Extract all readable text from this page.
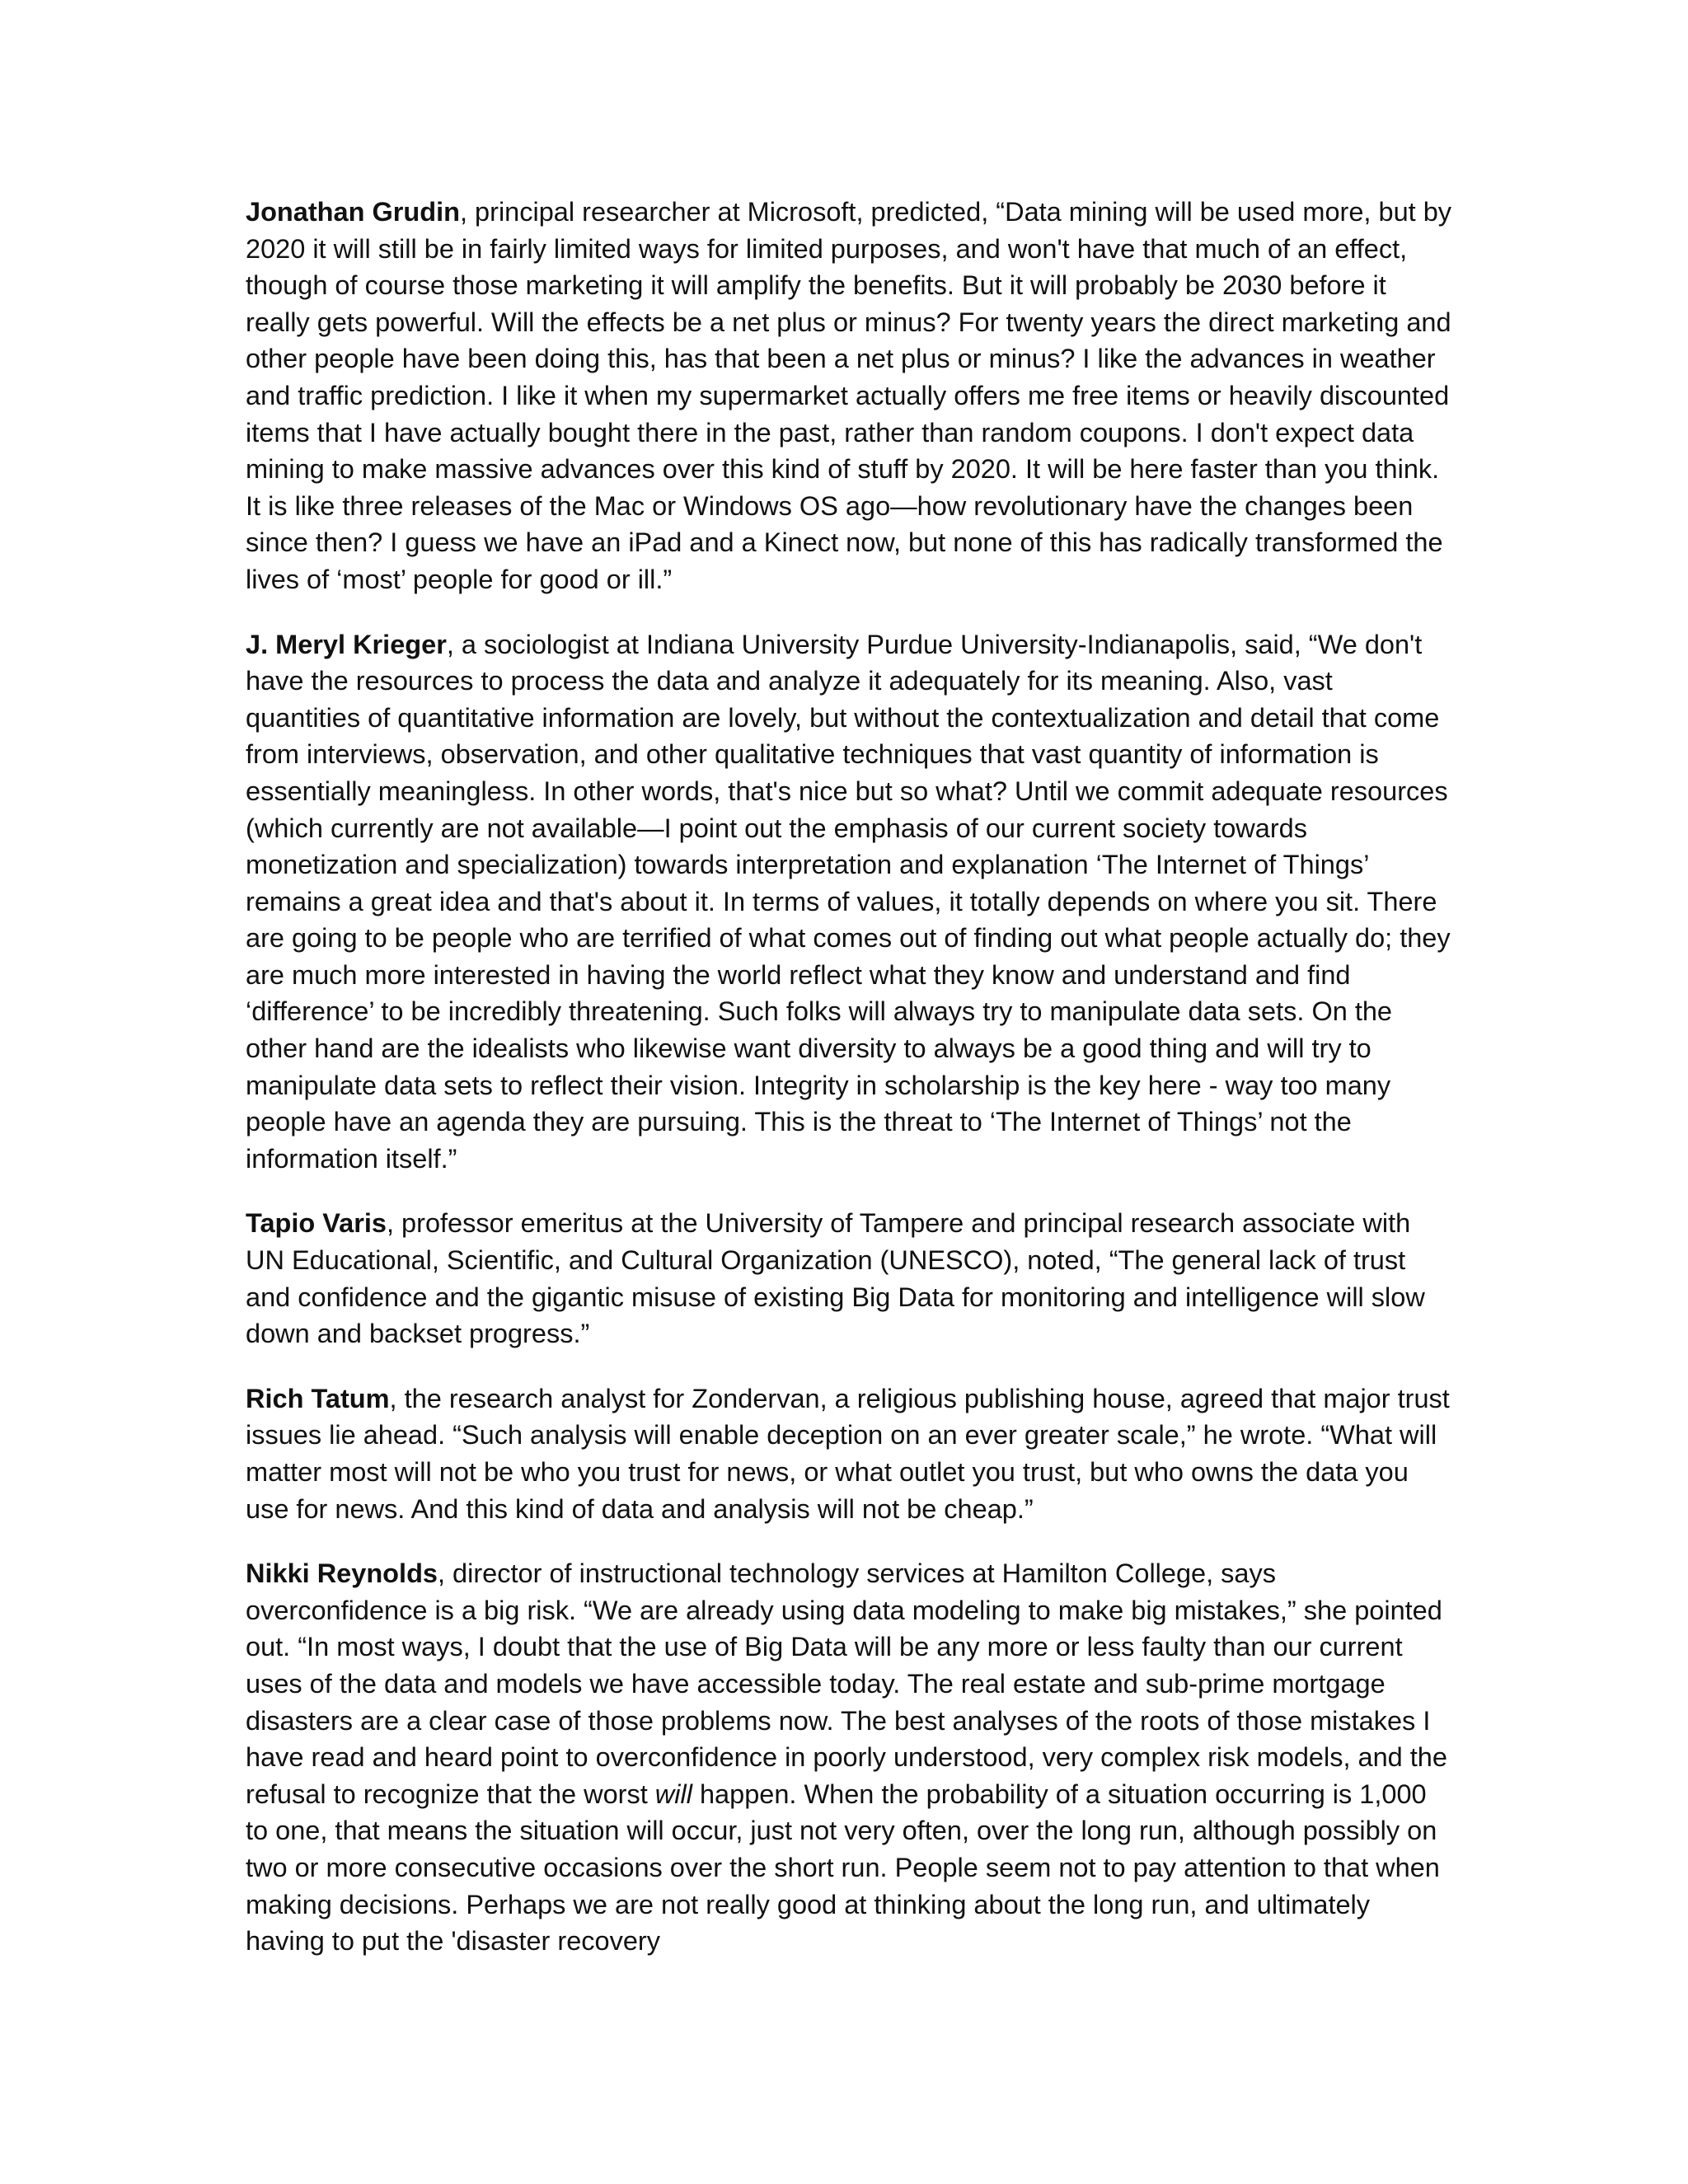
Jonathan Grudin, principal researcher at Microsoft, predicted, “Data mining will be used more, but by 2020 it will still be in fairly limited ways for limited purposes, and won't have that much of an effect, though of course those marketing it will amplify the benefits. But it will probably be 2030 before it really gets powerful. Will the effects be a net plus or minus? For twenty years the direct marketing and other people have been doing this, has that been a net plus or minus? I like the advances in weather and traffic prediction. I like it when my supermarket actually offers me free items or heavily discounted items that I have actually bought there in the past, rather than random coupons. I don't expect data mining to make massive advances over this kind of stuff by 2020. It will be here faster than you think. It is like three releases of the Mac or Windows OS ago—how revolutionary have the changes been since then? I guess we have an iPad and a Kinect now, but none of this has radically transformed the lives of ‘most’ people for good or ill.”

J. Meryl Krieger, a sociologist at Indiana University Purdue University-Indianapolis, said, “We don't have the resources to process the data and analyze it adequately for its meaning. Also, vast quantities of quantitative information are lovely, but without the contextualization and detail that come from interviews, observation, and other qualitative techniques that vast quantity of information is essentially meaningless. In other words, that's nice but so what? Until we commit adequate resources (which currently are not available—I point out the emphasis of our current society towards monetization and specialization) towards interpretation and explanation ‘The Internet of Things’ remains a great idea and that's about it. In terms of values, it totally depends on where you sit. There are going to be people who are terrified of what comes out of finding out what people actually do; they are much more interested in having the world reflect what they know and understand and find ‘difference’ to be incredibly threatening. Such folks will always try to manipulate data sets. On the other hand are the idealists who likewise want diversity to always be a good thing and will try to manipulate data sets to reflect their vision. Integrity in scholarship is the key here - way too many people have an agenda they are pursuing. This is the threat to ‘The Internet of Things’ not the information itself.”

Tapio Varis, professor emeritus at the University of Tampere and principal research associate with UN Educational, Scientific, and Cultural Organization (UNESCO), noted, “The general lack of trust and confidence and the gigantic misuse of existing Big Data for monitoring and intelligence will slow down and backset progress.”

Rich Tatum, the research analyst for Zondervan, a religious publishing house, agreed that major trust issues lie ahead. “Such analysis will enable deception on an ever greater scale,” he wrote. “What will matter most will not be who you trust for news, or what outlet you trust, but who owns the data you use for news. And this kind of data and analysis will not be cheap.”

Nikki Reynolds, director of instructional technology services at Hamilton College, says overconfidence is a big risk. “We are already using data modeling to make big mistakes,” she pointed out. “In most ways, I doubt that the use of Big Data will be any more or less faulty than our current uses of the data and models we have accessible today. The real estate and sub-prime mortgage disasters are a clear case of those problems now. The best analyses of the roots of those mistakes I have read and heard point to overconfidence in poorly understood, very complex risk models, and the refusal to recognize that the worst will happen. When the probability of a situation occurring is 1,000 to one, that means the situation will occur, just not very often, over the long run, although possibly on two or more consecutive occasions over the short run. People seem not to pay attention to that when making decisions. Perhaps we are not really good at thinking about the long run, and ultimately having to put the 'disaster recovery
